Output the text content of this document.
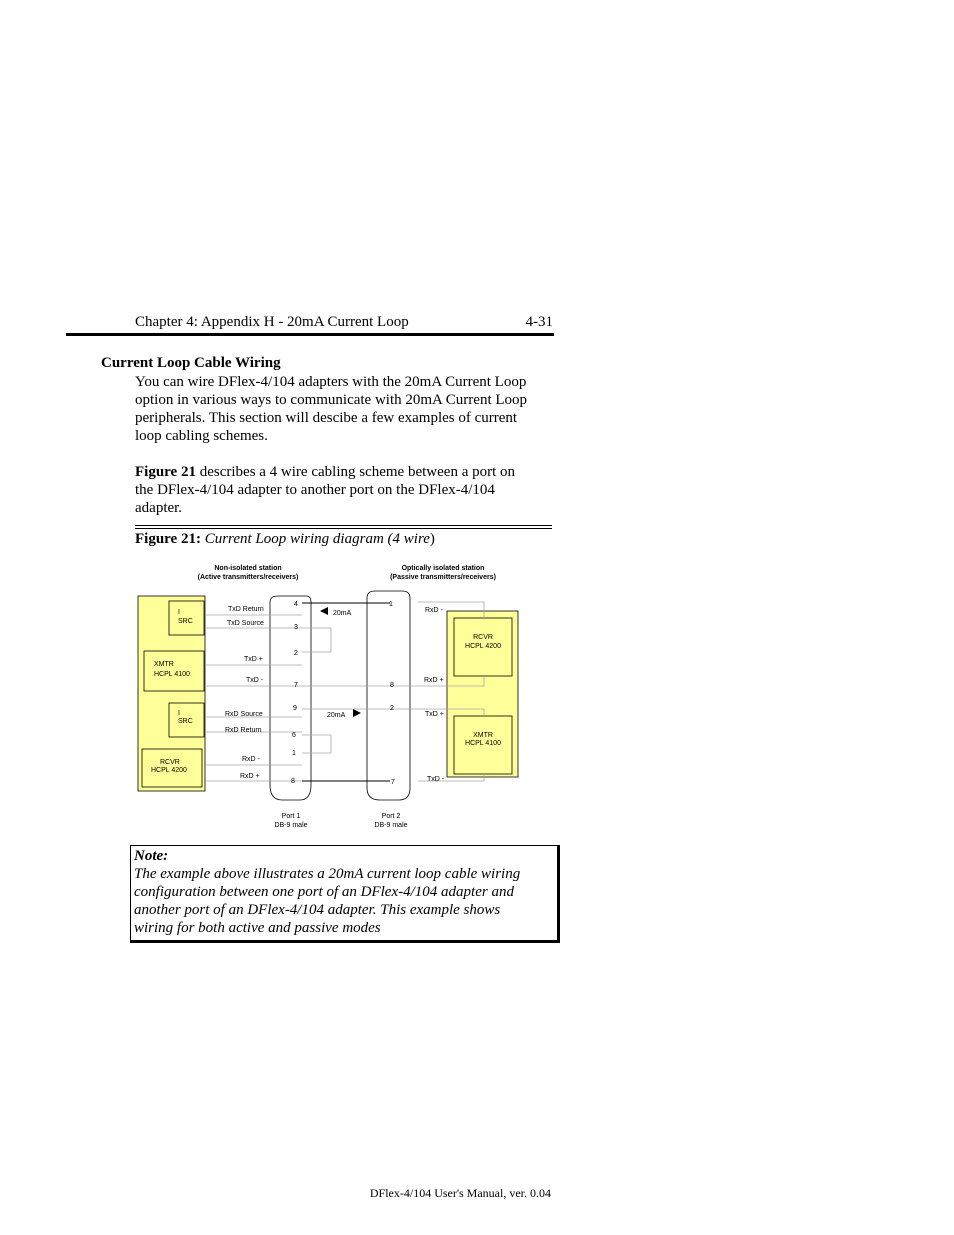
Chapter 4: Appendix H - 20mA Current Loop	4-31
Current Loop Cable Wiring
You can wire DFlex-4/104 adapters with the 20mA Current Loop
option in various ways to communicate with 20mA Current Loop
peripherals. This section will descibe a few examples of current
loop cabling schemes.
Figure 21 describes a 4 wire cabling scheme between a port on
the DFlex-4/104 adapter to another port on the DFlex-4/104
adapter.
Figure 21: Current Loop wiring diagram (4 wire)
Non-isolated station
(Active transmitters/receivers)
Optically isolated station
(Passive transmitters/receivers)
I
SRC
XMTR
HCPL 4100
I
SRC
RCVR
HCPL 4200
RCVR
HCPL 4200
XMTR
HCPL 4100
20mA
20mA
TxD Return
TxD Source
TxD +
TxD -
RxD Source
RxD Return
RxD -
RxD +
RxD -
RxD +
TxD +
TxD -
4
3
2
7
9
6
1
8
1
8
2
7
Port 1
DB-9 male
Port 2
DB-9 male
Note:
The example above illustrates a 20mA current loop cable wiring
configuration between one port of an DFlex-4/104 adapter and
another port of an DFlex-4/104 adapter. This example shows
wiring for both active and passive modes
DFlex-4/104 User's Manual, ver. 0.04
